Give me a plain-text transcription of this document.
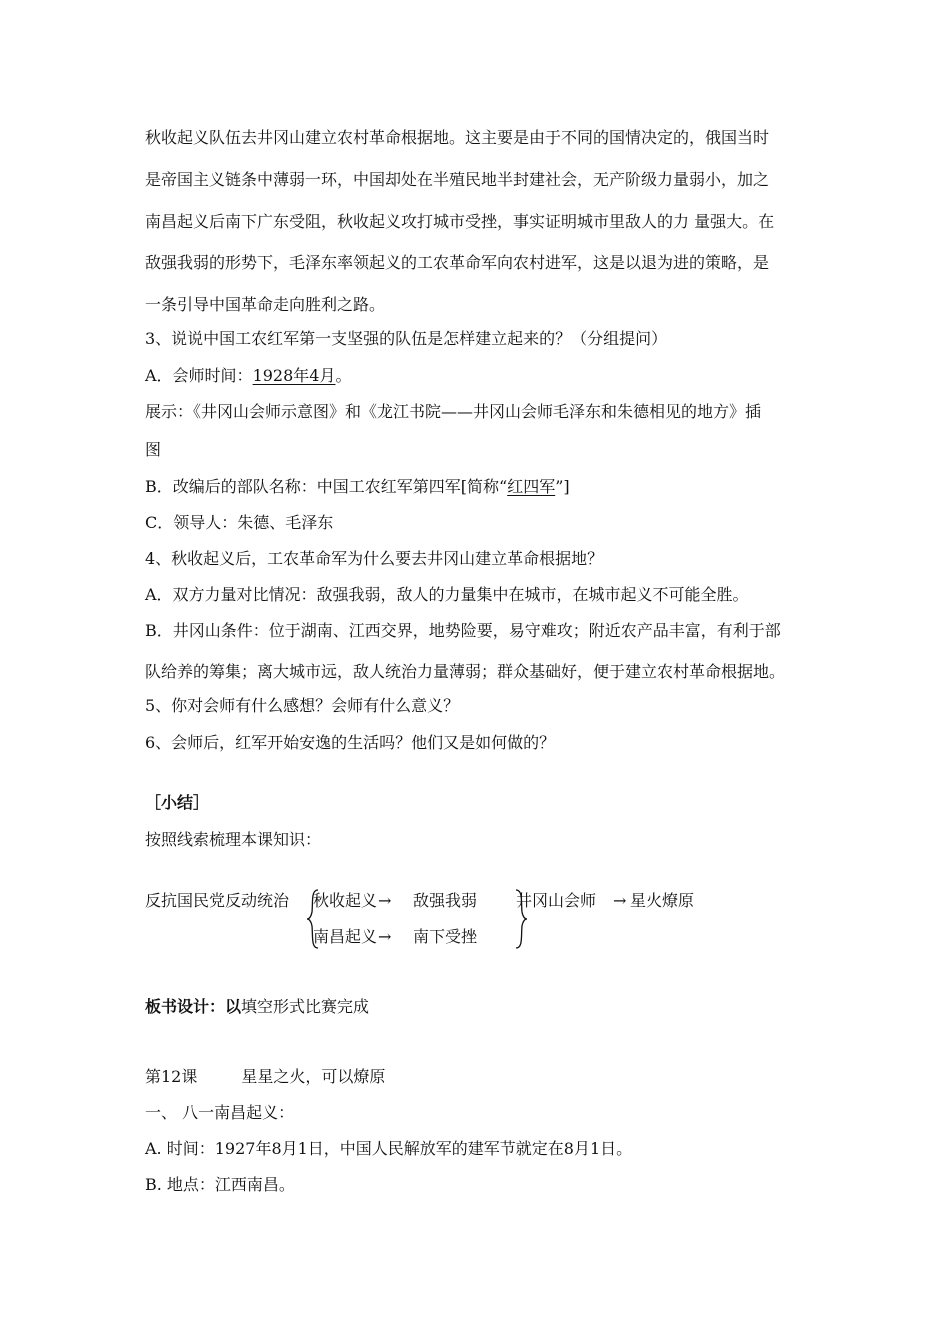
秋收起义队伍去井冈山建立农村革命根据地。这主要是由于不同的国情决定的，俄国当时
是帝国主义链条中薄弱一环，中国却处在半殖民地半封建社会，无产阶级力量弱小，加之
南昌起义后南下广东受阻，秋收起义攻打城市受挫，事实证明城市里敌人的力 量强大。在
敌强我弱的形势下，毛泽东率领起义的工农革命军向农村进军，这是以退为进的策略，是
一条引导中国革命走向胜利之路。
3、说说中国工农红军第一支坚强的队伍是怎样建立起来的？（分组提问）
A．会师时间：1928年4月。
展示：《井冈山会师示意图》和《龙江书院——井冈山会师毛泽东和朱德相见的地方》插
图
B．改编后的部队名称：中国工农红军第四军[简称“红四军”]
C．领导人：朱德、毛泽东
4、秋收起义后，工农革命军为什么要去井冈山建立革命根据地？
A．双方力量对比情况：敌强我弱，敌人的力量集中在城市，在城市起义不可能全胜。
B．井冈山条件：位于湖南、江西交界，地势险要，易守难攻；附近农产品丰富，有利于部
队给养的筹集；离大城市远，敌人统治力量薄弱；群众基础好，便于建立农村革命根据地。
5、你对会师有什么感想？会师有什么意义？
6、会师后，红军开始安逸的生活吗？他们又是如何做的？
［小结］
按照线索梳理本课知识：
反抗国民党反动统治 秋收起义 → 敌强我弱
南昌起义 → 南下受挫
井冈山会师 → 星火燎原
板书设计：以填空形式比赛完成
第12课	星星之火，可以燎原
一、 八一南昌起义：
A. 时间：1927年8月1日，中国人民解放军的建军节就定在8月1日。
B. 地点：江西南昌。
